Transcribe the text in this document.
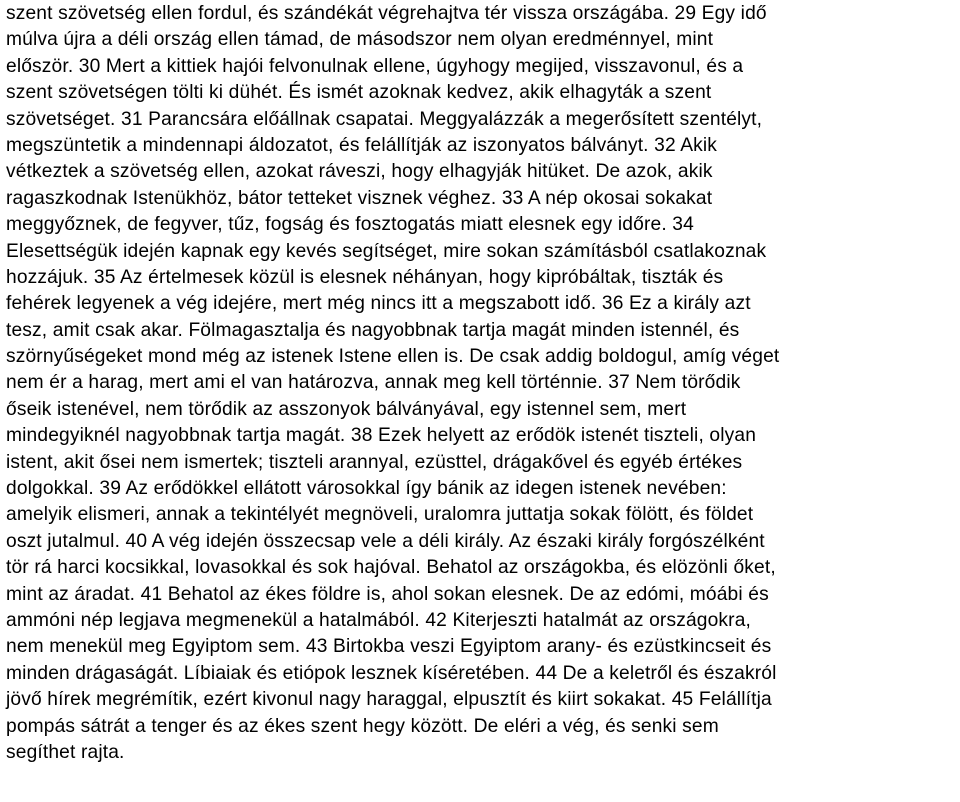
szent szövetség ellen fordul, és szándékát végrehajtva tér vissza országába. 29 Egy idő
múlva újra a déli ország ellen támad, de másodszor nem olyan eredménnyel, mint
először. 30 Mert a kittiek hajói felvonulnak ellene, úgyhogy megijed, visszavonul, és a
szent szövetségen tölti ki dühét. És ismét azoknak kedvez, akik elhagyták a szent
szövetséget. 31 Parancsára előállnak csapatai. Meggyalázzák a megerősített szentélyt,
megszüntetik a mindennapi áldozatot, és felállítják az iszonyatos bálványt. 32 Akik
vétkeztek a szövetség ellen, azokat ráveszi, hogy elhagyják hitüket. De azok, akik
ragaszkodnak Istenükhöz, bátor tetteket visznek véghez. 33 A nép okosai sokakat
meggyőznek, de fegyver, tűz, fogság és fosztogatás miatt elesnek egy időre. 34
Elesettségük idején kapnak egy kevés segítséget, mire sokan számításból csatlakoznak
hozzájuk. 35 Az értelmesek közül is elesnek néhányan, hogy kipróbáltak, tiszták és
fehérek legyenek a vég idejére, mert még nincs itt a megszabott idő. 36 Ez a király azt
tesz, amit csak akar. Fölmagasztalja és nagyobbnak tartja magát minden istennél, és
szörnyűségeket mond még az istenek Istene ellen is. De csak addig boldogul, amíg véget
nem ér a harag, mert ami el van határozva, annak meg kell történnie. 37 Nem törődik
őseik istenével, nem törődik az asszonyok bálványával, egy istennel sem, mert
mindegyiknél nagyobbnak tartja magát. 38 Ezek helyett az erődök istenét tiszteli, olyan
istent, akit ősei nem ismertek; tiszteli arannyal, ezüsttel, drágakővel és egyéb értékes
dolgokkal. 39 Az erődökkel ellátott városokkal így bánik az idegen istenek nevében:
amelyik elismeri, annak a tekintélyét megnöveli, uralomra juttatja sokak fölött, és földet
oszt jutalmul. 40 A vég idején összecsap vele a déli király. Az északi király forgószélként
tör rá harci kocsikkal, lovasokkal és sok hajóval. Behatol az országokba, és elözönli őket,
mint az áradat. 41 Behatol az ékes földre is, ahol sokan elesnek. De az edómi, móábi és
ammóni nép legjava megmenekül a hatalmából. 42 Kiterjeszti hatalmát az országokra,
nem menekül meg Egyiptom sem. 43 Birtokba veszi Egyiptom arany- és ezüstkincseit és
minden drágaságát. Líbiaiak és etiópok lesznek kíséretében. 44 De a keletről és északról
jövő hírek megrémítik, ezért kivonul nagy haraggal, elpusztít és kiirt sokakat. 45 Felállítja
pompás sátrát a tenger és az ékes szent hegy között. De eléri a vég, és senki sem
segíthet rajta.
